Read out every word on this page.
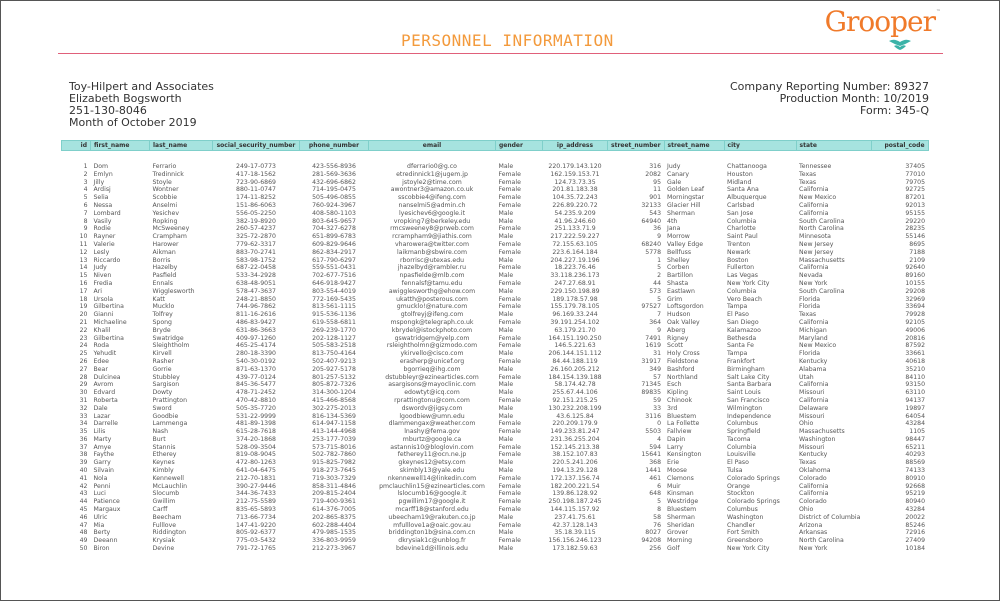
PERSONNEL INFORMATION
Grooper™
Toy-Hilpert and Associates
Elizabeth Bogsworth
251-130-8046
Month of October 2019
Company Reporting Number: 89327
Production Month: 10/2019
Form: 345-Q
id	first_name	last_name	social_security_number	phone_number	email	gender	ip_address	street_number	street_name	city	state	postal_code

1	Dom	Ferrario	249-17-0773	423-556-8936	dferrario0@g.co	Male	220.179.143.120	316	Judy	Chattanooga	Tennessee	37405
2	Emlyn	Tredinnick	417-18-1562	281-569-3636	etredinnick1@jugem.jp	Female	162.159.153.71	2082	Canary	Houston	Texas	77010
3	Jilly	Stoyle	723-90-6869	432-696-6862	jstoyle2@time.com	Female	124.73.73.35	95	Gale	Midland	Texas	79705
4	Ardisj	Wontner	880-11-0747	714-195-0475	awontner3@amazon.co.uk	Female	201.81.183.38	11	Golden Leaf	Santa Ana	California	92725
5	Selia	Scobbie	174-11-8252	505-496-0855	sscobbie4@ifeng.com	Female	104.35.72.243	901	Morningstar	Albuquerque	New Mexico	87201
6	Nessa	Anselmi	151-86-6063	760-924-3967	nanselmi5@admin.ch	Female	226.89.220.72	32133	Glacier Hill	Carlsbad	California	92013
7	Lombard	Yesichev	556-05-2250	408-580-1103	lyesichev6@google.it	Male	54.235.9.209	543	Sherman	San Jose	California	95155
8	Vasily	Ropking	382-19-8920	803-645-9657	vropking7@berkeley.edu	Male	41.96.246.60	64940	4th	Columbia	South Carolina	29220
9	Rodie	McSweeney	260-57-4237	704-327-6278	rmcsweeney8@prweb.com	Female	251.133.71.9	36	Jana	Charlotte	North Carolina	28235
10	Rayner	Crampham	325-72-2870	651-899-6783	rcrampham9@jiathis.com	Male	217.222.59.227	9	Morrow	Saint Paul	Minnesota	55146
11	Valerie	Harower	779-62-3317	609-829-9646	vharowera@twitter.com	Female	72.155.63.105	68240	Valley Edge	Trenton	New Jersey	8695
12	Lesly	Aikman	883-70-2741	862-834-2917	laikmanb@sbwire.com	Female	223.6.164.184	5778	Bellfuss	Newark	New Jersey	7188
13	Riccardo	Borris	583-98-1752	617-790-6297	rborrisc@utexas.edu	Male	204.227.19.196	1	Shelley	Boston	Massachusetts	2109
14	Judy	Hazelby	687-22-0458	559-551-0431	jhazelbyd@rambler.ru	Female	18.223.76.46	5	Corben	Fullerton	California	92640
15	Niven	Pasfield	533-34-2928	702-677-7516	npasfielde@mlb.com	Male	33.118.236.173	2	Bartillon	Las Vegas	Nevada	89160
16	Fredia	Ennals	638-48-9051	646-918-9427	fennalsf@tamu.edu	Female	247.27.68.91	44	Shasta	New York City	New York	10155
17	Ari	Wigglesworth	578-47-3637	803-554-4019	awigglesworthg@ehow.com	Male	229.150.198.89	573	Eastlawn	Columbia	South Carolina	29208
18	Ursola	Katt	248-21-8850	772-169-5435	ukatth@posterous.com	Female	189.178.57.98	5	Grim	Vero Beach	Florida	32969
19	Gilbertina	Mucklo	744-96-7862	813-561-1115	gmucklo!@nature.com	Female	155.179.78.105	97527	Loftsgordon	Tampa	Florida	33694
20	Gianni	Tolfrey	811-16-2616	915-536-1136	gtolfreyj@ifeng.com	Male	96.169.33.244	7	Hudson	El Paso	Texas	79928
21	Michaeline	Spong	486-83-9427	619-558-6811	mspongk@telegraph.co.uk	Female	39.191.254.102	364	Oak Valley	San Diego	California	92105
22	Khalil	Bryde	631-86-3663	269-239-1770	kbrydel@istockphoto.com	Male	63.179.21.70	9	Aberg	Kalamazoo	Michigan	49006
23	Gilbertina	Swatridge	409-97-1260	202-128-1127	gswatridgem@yelp.com	Female	164.151.190.250	7491	Rigney	Bethesda	Maryland	20816
24	Roda	Sleightholm	465-25-4174	505-583-2518	rsleightholmn@gizmodo.com	Female	146.5.221.63	1619	Scott	Santa Fe	New Mexico	87592
25	Yehudit	Kirvell	280-18-3390	813-750-4164	ykirvello@cisco.com	Male	206.144.151.112	31	Holy Cross	Tampa	Florida	33661
26	Edee	Rasher	540-30-0192	502-407-9213	erasherp@unicef.org	Female	84.44.188.119	31917	Fieldstone	Frankfort	Kentucky	40618
27	Bear	Gorrie	871-63-1370	205-927-5178	bgorrieq@ihg.com	Male	26.160.205.212	349	Bashford	Birmingham	Alabama	35210
28	Dulcinea	Stubbley	439-77-0124	801-257-5132	dstubbleyr@ezinearticles.com	Female	184.154.139.188	57	Northland	Salt Lake City	Utah	84110
29	Avrom	Sargison	845-36-5477	805-872-7326	asargisons@mayoclinic.com	Male	58.174.42.78	71345	Esch	Santa Barbara	California	93150
30	Edvard	Dowty	478-71-2452	314-300-1204	edowtyt@icq.com	Male	255.67.44.106	89835	Kipling	Saint Louis	Missouri	63110
31	Roberta	Prattington	470-42-8810	415-466-8568	rprattingtonu@com.com	Female	92.151.215.25	59	Chinook	San Francisco	California	94137
32	Dale	Sword	505-35-7720	302-275-2013	dswordv@jigsy.com	Male	130.232.208.199	33	3rd	Wilmington	Delaware	19897
33	Lazar	Goodbie	531-22-9999	816-134-5369	lgoodbiew@umn.edu	Male	43.6.125.84	3116	Bluestem	Independence	Missouri	64054
34	Darrelle	Lammenga	481-89-1398	614-947-1158	dlammengax@weather.com	Female	220.209.179.9	0	La Follette	Columbus	Ohio	43284
35	Lilis	Nash	615-28-7618	413-144-4968	lnashy@fema.gov	Female	149.233.81.247	5503	Fallview	Springfield	Massachusetts	1105
36	Marty	Burt	374-20-1868	253-177-7039	mburtz@google.ca	Male	231.36.255.204	4	Dapin	Tacoma	Washington	98447
37	Amye	Stannis	528-09-3504	573-715-8016	astannis10@bloglovin.com	Female	152.145.213.38	594	Larry	Columbia	Missouri	65211
38	Faythe	Etherey	819-08-9045	502-782-7860	fetherey11@ocn.ne.jp	Female	38.152.107.83	15641	Kensington	Louisville	Kentucky	40293
39	Garry	Keynes	472-80-1263	915-825-7982	gkeynes12@etsy.com	Male	220.5.241.206	368	Erie	El Paso	Texas	88569
40	Silvain	Kimbly	641-04-6475	918-273-7645	skimbly13@yale.edu	Male	194.13.29.128	1441	Moose	Tulsa	Oklahoma	74133
41	Nola	Kennewell	212-70-1831	719-303-7329	nkennewell14@linkedin.com	Female	172.137.156.74	461	Clemons	Colorado Springs	Colorado	80910
42	Penni	McLauchlin	390-27-9446	858-311-4846	pmclauchlin15@ezinearticles.com	Female	182.200.221.54	6	Muir	Orange	California	92668
43	Luci	Slocumb	344-36-7433	209-815-2404	lslocumb16@google.it	Female	139.86.128.92	648	Kinsman	Stockton	California	95219
44	Patience	Gwillim	212-75-5589	719-400-9361	pgwillim17@google.it	Female	250.198.187.245	5	Westridge	Colorado Springs	Colorado	80940
45	Margaux	Carff	835-65-5893	614-376-7005	mcarff18@stanford.edu	Female	144.115.157.92	8	Bluestem	Columbus	Ohio	43284
46	Ulric	Beecham	713-66-7734	202-865-8375	ubeecham19@rakuten.co.jp	Male	237.41.75.61	58	Sherman	Washington	District of Columbia	20022
47	Mia	Fulllove	147-41-9220	602-288-4404	mfulllove1a@oaic.gov.au	Female	42.37.128.143	76	Sheridan	Chandler	Arizona	85246
48	Berty	Riddington	805-92-6377	479-985-1535	briddington1b@sina.com.cn	Male	35.18.39.115	8027	Grover	Fort Smith	Arkansas	72916
49	Deeann	Krysiak	775-03-5432	336-803-9959	dkrysiak1c@unblog.fr	Female	156.156.246.123	94208	Morning	Greensboro	North Carolina	27409
50	Biron	Devine	791-72-1765	212-273-3967	bdevine1d@illinois.edu	Male	173.182.59.63	256	Golf	New York City	New York	10184
